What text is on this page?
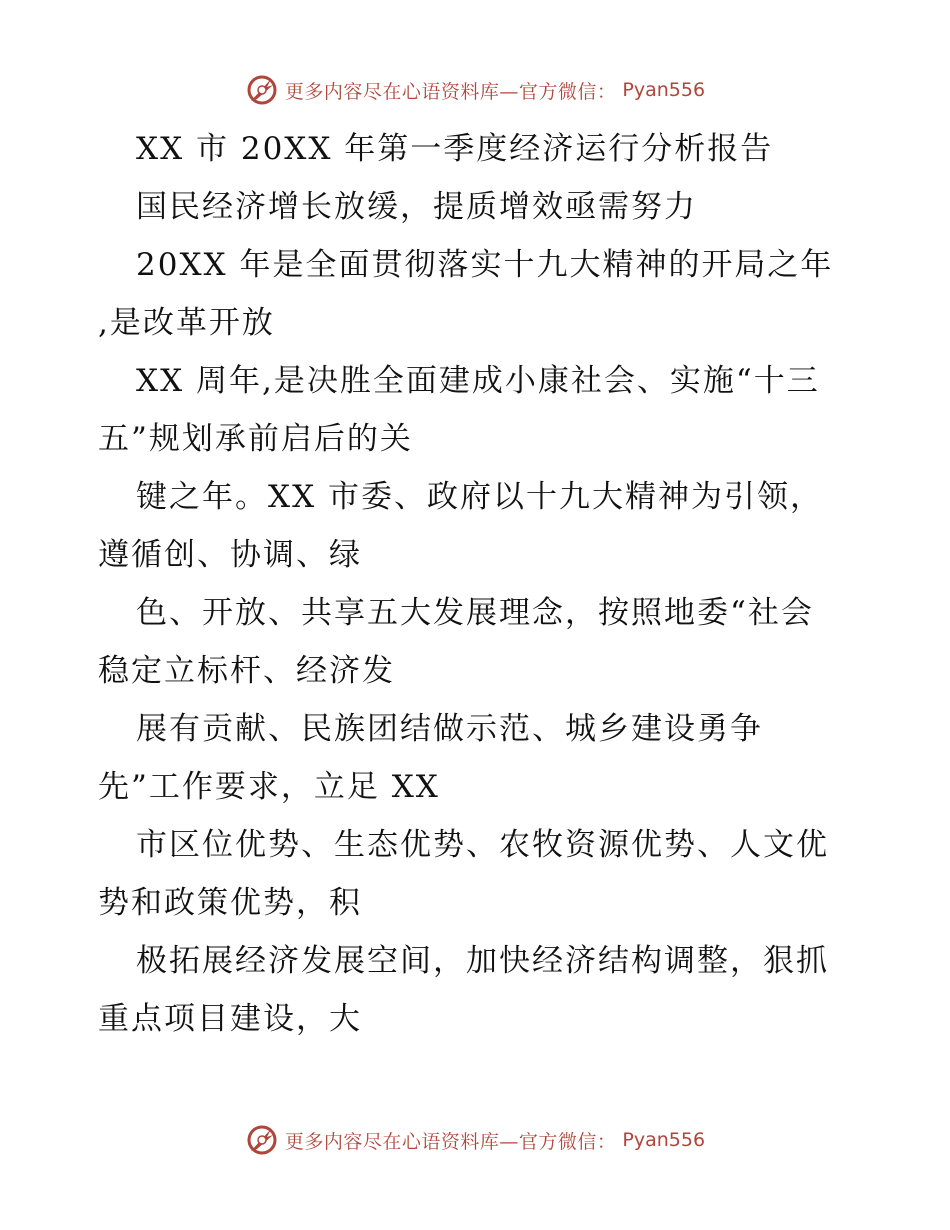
更多内容尽在心语资料库—官方微信： Pyan556
XX 市 20XX 年第一季度经济运行分析报告
国民经济增长放缓，提质增效亟需努力
20XX 年是全面贯彻落实十九大精神的开局之年
,是改革开放
XX 周年,是决胜全面建成小康社会、实施“十三
五”规划承前启后的关
键之年。XX 市委、政府以十九大精神为引领，
遵循创、协调、绿
色、开放、共享五大发展理念，按照地委“社会
稳定立标杆、经济发
展有贡献、民族团结做示范、城乡建设勇争
先”工作要求，立足 XX
市区位优势、生态优势、农牧资源优势、人文优
势和政策优势，积
极拓展经济发展空间，加快经济结构调整，狠抓
重点项目建设，大
更多内容尽在心语资料库—官方微信： Pyan556
